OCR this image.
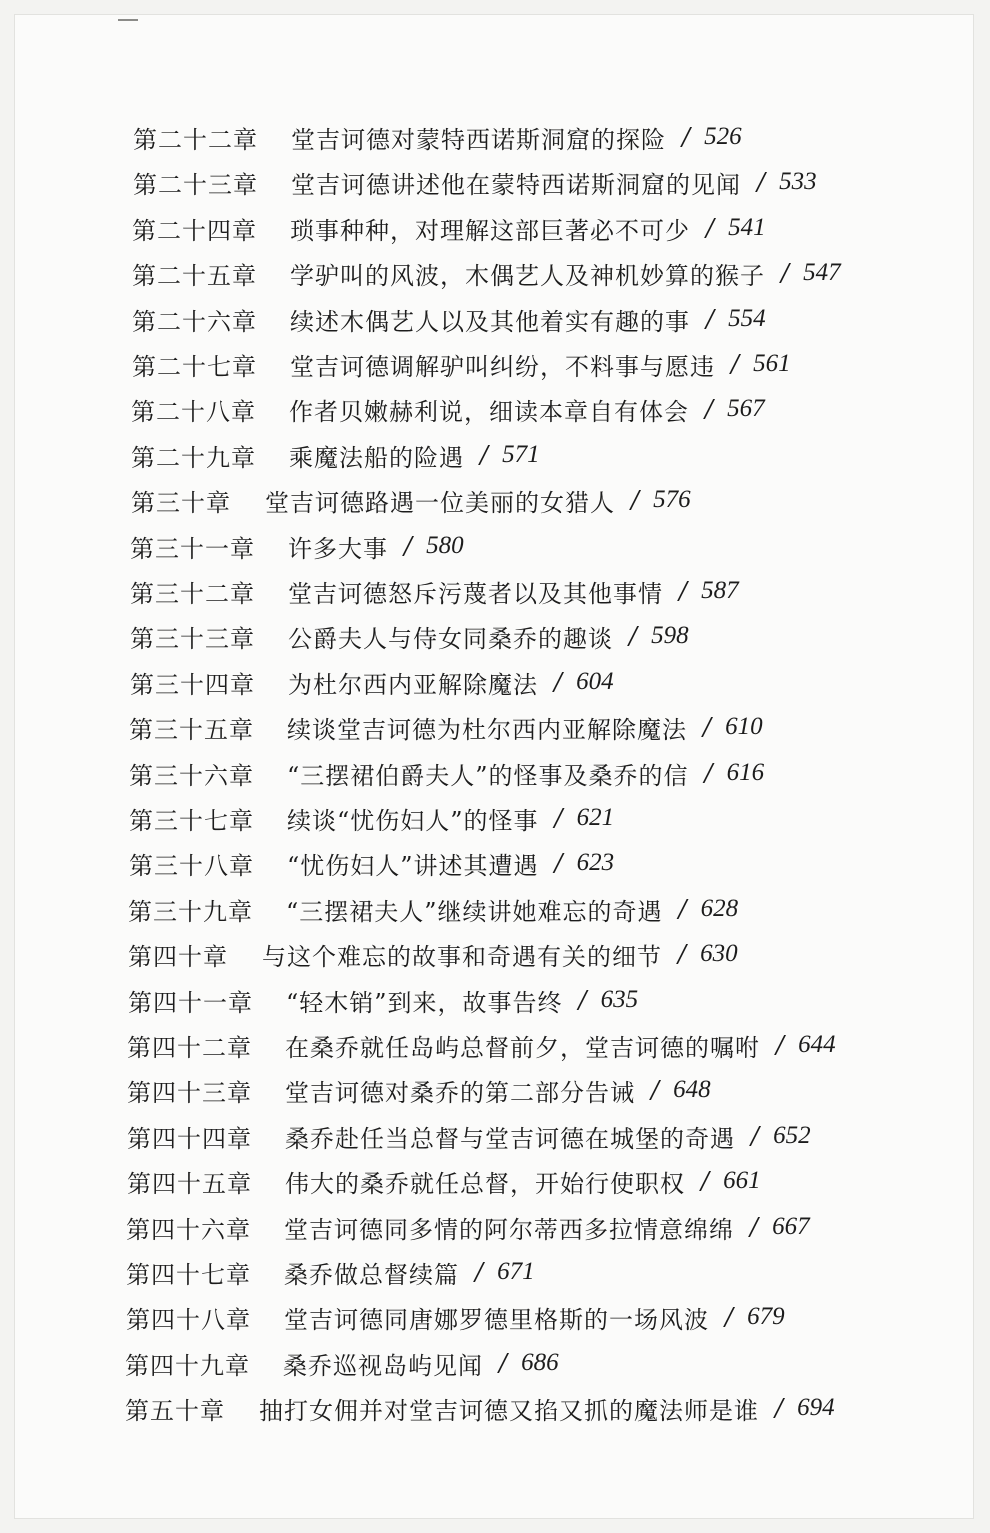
第二十二章	堂吉诃德对蒙特西诺斯洞窟的探险 / 526
第二十三章	堂吉诃德讲述他在蒙特西诺斯洞窟的见闻 / 533
第二十四章	琐事种种，对理解这部巨著必不可少 / 541
第二十五章	学驴叫的风波，木偶艺人及神机妙算的猴子 / 547
第二十六章	续述木偶艺人以及其他着实有趣的事 / 554
第二十七章	堂吉诃德调解驴叫纠纷，不料事与愿违 / 561
第二十八章	作者贝嫩赫利说，细读本章自有体会 / 567
第二十九章	乘魔法船的险遇 / 571
第三十章	堂吉诃德路遇一位美丽的女猎人 / 576
第三十一章	许多大事 / 580
第三十二章	堂吉诃德怒斥污蔑者以及其他事情 / 587
第三十三章	公爵夫人与侍女同桑乔的趣谈 / 598
第三十四章	为杜尔西内亚解除魔法 / 604
第三十五章	续谈堂吉诃德为杜尔西内亚解除魔法 / 610
第三十六章	“三摆裙伯爵夫人”的怪事及桑乔的信 / 616
第三十七章	续谈“忧伤妇人”的怪事 / 621
第三十八章	“忧伤妇人”讲述其遭遇 / 623
第三十九章	“三摆裙夫人”继续讲她难忘的奇遇 / 628
第四十章	与这个难忘的故事和奇遇有关的细节 / 630
第四十一章	“轻木销”到来，故事告终 / 635
第四十二章	在桑乔就任岛屿总督前夕，堂吉诃德的嘱咐 / 644
第四十三章	堂吉诃德对桑乔的第二部分告诫 / 648
第四十四章	桑乔赴任当总督与堂吉诃德在城堡的奇遇 / 652
第四十五章	伟大的桑乔就任总督，开始行使职权 / 661
第四十六章	堂吉诃德同多情的阿尔蒂西多拉情意绵绵 / 667
第四十七章	桑乔做总督续篇 / 671
第四十八章	堂吉诃德同唐娜罗德里格斯的一场风波 / 679
第四十九章	桑乔巡视岛屿见闻 / 686
第五十章	抽打女佣并对堂吉诃德又掐又抓的魔法师是谁 / 694
